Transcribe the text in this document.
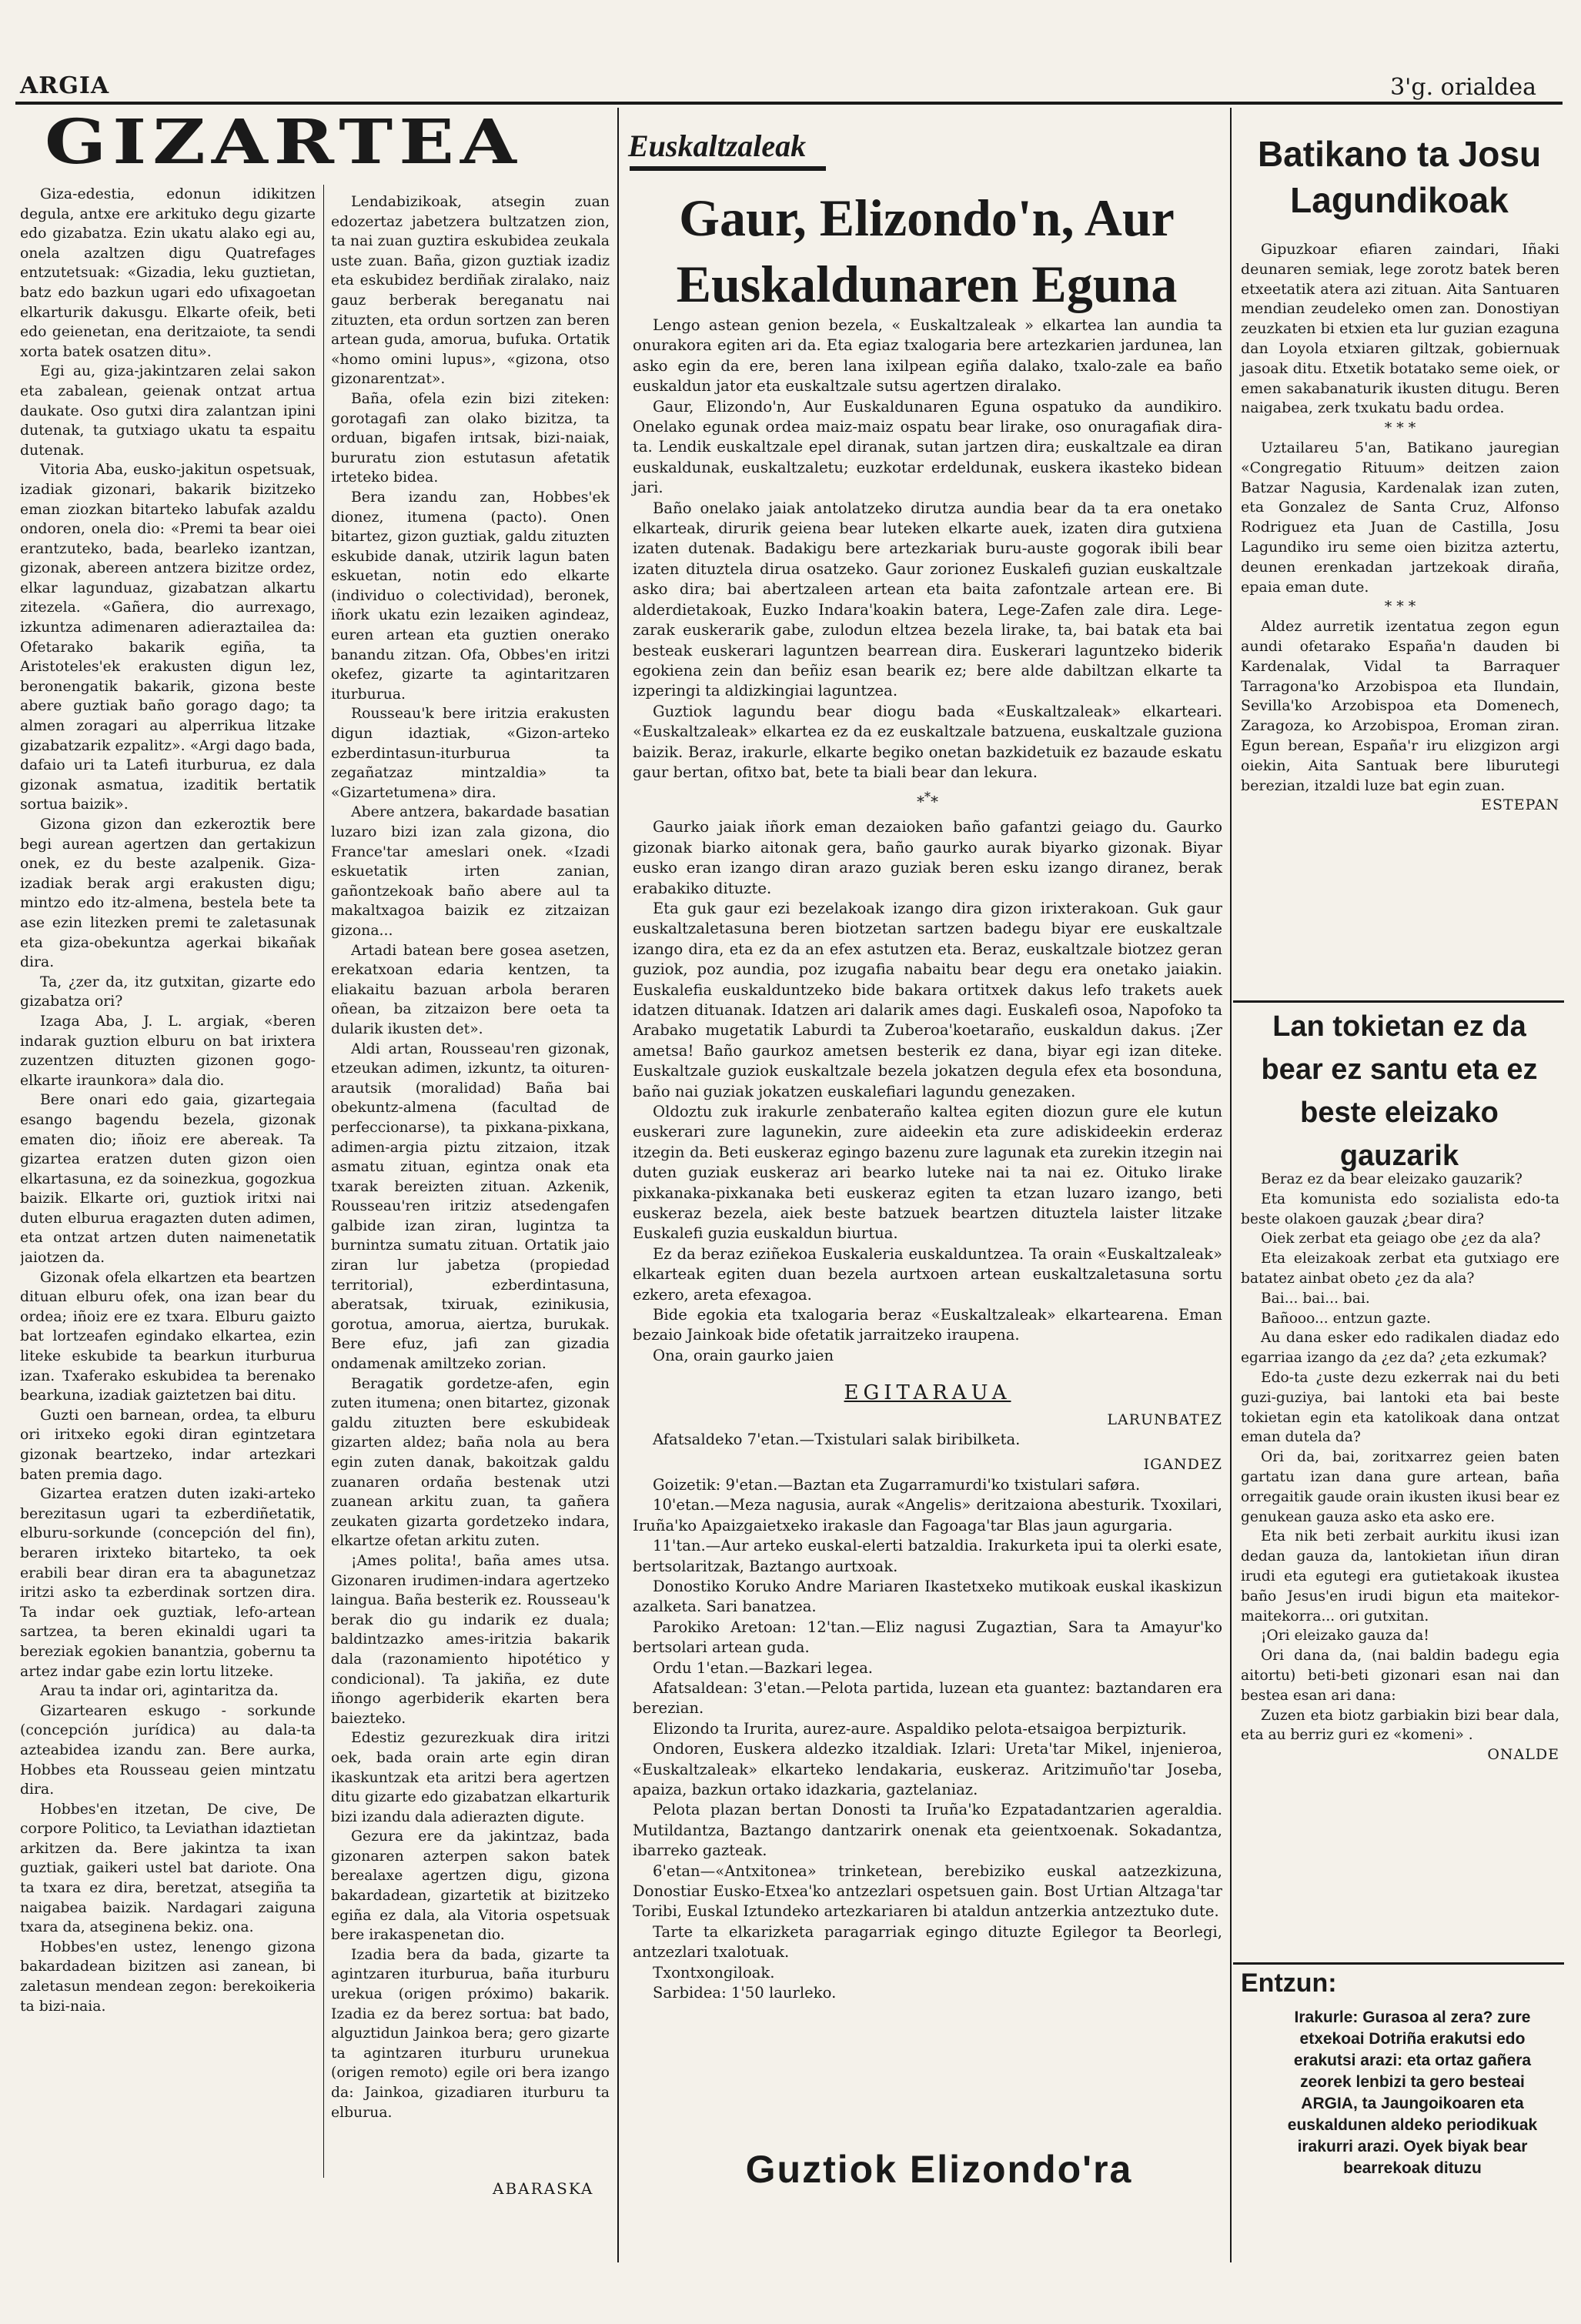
ARGIA	3'g. orialdea
GIZARTEA

Giza-edestia, edonun idikitzen degula, antxe ere arkituko degu gizarte edo gizabatza. Ezin ukatu alako egi au, onela azaltzen digu Quatrefages entzutetsuak: «Gizadia, leku guztietan, batz edo bazkun ugari edo ufixagoetan elkarturik dakusgu. Elkarte ofeik, beti edo geienetan, ena deritzaiote, ta sendi xorta batek osatzen ditu».

Egi au, giza-jakintzaren zelai sakon eta zabalean, geienak ontzat artua daukate. Oso gutxi dira zalantzan ipini dutenak, ta gutxiago ukatu ta espaitu dutenak.

Vitoria Aba, eusko-jakitun ospetsuak, izadiak gizonari, bakarik bizitzeko eman ziozkan bitarteko labufak azaldu ondoren, onela dio: «Premi ta bear oiei erantzuteko, bada, bearleko izantzan, gizonak, abereen antzera bizitze ordez, elkar lagunduaz, gizabatzan alkartu zitezela. «Gañera, dio aurrexago, izkuntza adimenaren adieraztailea da: Ofetarako bakarik egiña, ta Aristoteles'ek erakusten digun lez, beronengatik bakarik, gizona beste abere guztiak baño gorago dago; ta almen zoragari au alperrikua litzake gizabatzarik ezpalitz». «Argi dago bada, dafaio uri ta Latefi iturburua, ez dala gizonak asmatua, izaditik bertatik sortua baizik».

Gizona gizon dan ezkeroztik bere begi aurean agertzen dan gertakizun onek, ez du beste azalpenik. Giza-izadiak berak argi erakusten digu; mintzo edo itz-almena, bestela bete ta ase ezin litezken premi te zaletasunak eta giza-obekuntza agerkai bikañak dira.

Ta, ¿zer da, itz gutxitan, gizarte edo gizabatza ori?

Izaga Aba, J. L. argiak, «beren indarak guztion elburu on bat irixtera zuzentzen dituzten gizonen gogo-elkarte iraunkora» dala dio.

Bere onari edo gaia, gizartegaia esango bagendu bezela, gizonak ematen dio; iñoiz ere abereak. Ta gizartea eratzen duten gizon oien elkartasuna, ez da soinezkua, gogozkua baizik. Elkarte ori, guztiok iritxi nai duten elburua eragazten duten adimen, eta ontzat artzen duten naimenetatik jaiotzen da.

Gizonak ofela elkartzen eta beartzen dituan elburu ofek, ona izan bear du ordea; iñoiz ere ez txara. Elburu gaizto bat lortzeafen egindako elkartea, ezin liteke eskubide ta bearkun iturburua izan. Txaferako eskubidea ta berenako bearkuna, izadiak gaiztetzen bai ditu.

Guzti oen barnean, ordea, ta elburu ori iritxeko egoki diran egintzetara gizonak beartzeko, indar artezkari baten premia dago.

Gizartea eratzen duten izaki-arteko berezitasun ugari ta ezberdiñetatik, elburu-sorkunde (concepción del fin), beraren irixteko bitarteko, ta oek erabili bear diran era ta abagunetzaz iritzi asko ta ezberdinak sortzen dira. Ta indar oek guztiak, lefo-artean sartzea, ta beren ekinaldi ugari ta bereziak egokien banantzia, gobernu ta artez indar gabe ezin lortu litzeke.

Arau ta indar ori, agintaritza da.

Gizartearen eskugo - sorkunde (concepción jurídica) au dala-ta azteabidea izandu zan. Bere aurka, Hobbes eta Rousseau geien mintzatu dira.

Hobbes'en itzetan, De cive, De corpore Politico, ta Leviathan idaztietan arkitzen da. Bere jakintza ta ixan guztiak, gaikeri ustel bat dariote. Ona ta txara ez dira, beretzat, atsegiña ta naigabea baizik. Nardagari zaiguna txara da, atseginena bekiz. ona.

Hobbes'en ustez, lenengo gizona bakardadean bizitzen asi zanean, bi zaletasun mendean zegon: berekoikeria ta bizi-naia.

Lendabizikoak, atsegin zuan edozertaz jabetzera bultzatzen zion, ta nai zuan guztira eskubidea zeukala uste zuan. Baña, gizon guztiak izadiz eta eskubidez berdiñak ziralako, naiz gauz berberak bereganatu nai zituzten, eta ordun sortzen zan beren artean guda, amorua, bufuka. Ortatik «homo omini lupus», «gizona, otso gizonarentzat».

Baña, ofela ezin bizi ziteken: gorotagafi zan olako bizitza, ta orduan, bigafen irıtsak, bizi-naiak, bururatu zion estutasun afetatik irteteko bidea.

Bera izandu zan, Hobbes'ek dionez, itumena (pacto). Onen bitartez, gizon guztiak, galdu zituzten eskubide danak, utzirik lagun baten eskuetan, notin edo elkarte (individuo o colectividad), beronek, iñork ukatu ezin lezaiken agindeaz, euren artean eta guztien onerako banandu zitzan. Ofa, Obbes'en iritzi okefez, gizarte ta agintaritzaren iturburua.

Rousseau'k bere iritzia erakusten digun idaztiak, «Gizon-arteko ezberdintasun-iturburua ta zegañatzaz mintzaldia» ta «Gizartetumena» dira.

Abere antzera, bakardade basatian luzaro bizi izan zala gizona, dio France'tar ameslari onek. «Izadi eskuetatik irten zanian, gañontzekoak baño abere aul ta makaltxagoa baizik ez zitzaizan gizona...

Artadi batean bere gosea asetzen, erekatxoan edaria kentzen, ta eliakaitu bazuan arbola beraren oñean, ba zitzaizon bere oeta ta dularik ikusten det».

Aldi artan, Rousseau'ren gizonak, etzeukan adimen, izkuntz, ta oituren-arautsik (moralidad) Baña bai obekuntz-almena (facultad de perfeccionarse), ta pixkana-pixkana, adimen-argia piztu zitzaion, itzak asmatu zituan, egintza onak eta txarak bereizten zituan. Azkenik, Rousseau'ren iritziz atsedengafen galbide izan ziran, lugintza ta burnintza sumatu zituan. Ortatik jaio ziran lur jabetza (propiedad territorial), ezberdintasuna, aberatsak, txiruak, ezinikusia, gorotua, amorua, aiertza, burukak. Bere efuz, jafi zan gizadia ondamenak amiltzeko zorian.

Beragatik gordetze-afen, egin zuten itumena; onen bitartez, gizonak galdu zituzten bere eskubideak gizarten aldez; baña nola au bera egin zuten danak, bakoitzak galdu zuanaren ordaña bestenak utzi zuanean arkitu zuan, ta gañera zeukaten gizarta gordetzeko indara, elkartze ofetan arkitu zuten.

¡Ames polita!, baña ames utsa. Gizonaren irudimen-indara agertzeko laingua. Baña besterik ez. Rousseau'k berak dio gu indarik ez duala; baldintzazko ames-iritzia bakarik dala (razonamiento hipotético y condicional). Ta jakiña, ez dute iñongo agerbiderik ekarten bera baiezteko.

Edestiz gezurezkuak dira iritzi oek, bada orain arte egin diran ikaskuntzak eta aritzi bera agertzen ditu gizarte edo gizabatzan elkarturik bizi izandu dala adierazten digute.

Gezura ere da jakintzaz, bada gizonaren azterpen sakon batek berealaxe agertzen digu, gizona bakardadean, gizartetik at bizitzeko egiña ez dala, ala Vitoria ospetsuak bere irakaspenetan dio.

Izadia bera da bada, gizarte ta agintzaren iturburua, baña iturburu urekua (origen próximo) bakarik. Izadia ez da berez sortua: bat bado, alguztidun Jainkoa bera; gero gizarte ta agintzaren iturburu urunekua (origen remoto) egile ori bera izango da: Jainkoa, gizadiaren iturburu ta elburua.

ABARASKA
Euskaltzaleak
Gaur, Elizondo'n, Aur Euskaldunaren Eguna

Lengo astean genion bezela, « Euskaltzaleak » elkartea lan aundia ta onurakora egiten ari da. Eta egiaz txalogaria bere artezkarien jardunea, lan asko egin da ere, beren lana ixilpean egiña dalako, txalo-zale ea baño euskaldun jator eta euskaltzale sutsu agertzen diralako.

Gaur, Elizondo'n, Aur Euskaldunaren Eguna ospatuko da aundikiro. Onelako egunak ordea maiz-maiz ospatu bear lirake, oso onuragafiak dira-ta. Lendik euskaltzale epel diranak, sutan jartzen dira; euskaltzale ea diran euskaldunak, euskaltzaletu; euzkotar erdeldunak, euskera ikasteko bidean jari.

Baño onelako jaiak antolatzeko dirutza aundia bear da ta era onetako elkarteak, dirurik geiena bear luteken elkarte auek, izaten dira gutxiena izaten dutenak. Badakigu bere artezkariak buru-auste gogorak ibili bear izaten dituztela dirua osatzeko. Gaur zorionez Euskalefi guzian euskaltzale asko dira; bai abertzaleen artean eta baita zafontzale artean ere. Bi alderdietakoak, Euzko Indara'koakin batera, Lege-Zafen zale dira. Lege-zarak euskerarik gabe, zulodun eltzea bezela lirake, ta, bai batak eta bai besteak euskerari laguntzen bearrean dira. Euskerari laguntzeko biderik egokiena zein dan beñiz esan bearik ez; bere alde dabiltzan elkarte ta izperingi ta aldizkingiai laguntzea.

Guztiok lagundu bear diogu bada «Euskaltzaleak» elkarteari. «Euskaltzaleak» elkartea ez da ez euskaltzale batzuena, euskaltzale guziona baizik. Beraz, irakurle, elkarte begiko onetan bazkidetuik ez bazaude eskatu gaur bertan, ofitxo bat, bete ta biali bear dan lekura.

***

Gaurko jaiak iñork eman dezaioken baño gafantzi geiago du. Gaurko gizonak biarko aitonak gera, baño gaurko aurak biyarko gizonak. Biyar eusko eran izango diran arazo guziak beren esku izango diranez, berak erabakiko dituzte.

Eta guk gaur ezi bezelakoak izango dira gizon irixterakoan. Guk gaur euskaltzaletasuna beren biotzetan sartzen badegu biyar ere euskaltzale izango dira, eta ez da an efex astutzen eta. Beraz, euskaltzale biotzez geran guziok, poz aundia, poz izugafia nabaitu bear degu era onetako jaiakin. Euskalefia euskalduntzeko bide bakara ortitxek dakus lefo trakets auek idatzen dituanak. Idatzen ari dalarik ames dagi. Euskalefi osoa, Napofoko ta Arabako mugetatik Laburdi ta Zuberoa'koetaraño, euskaldun dakus. ¡Zer ametsa! Baño gaurkoz ametsen besterik ez dana, biyar egi izan diteke. Euskaltzale guziok euskaltzale bezela jokatzen degula efex eta bosonduna, baño nai guziak jokatzen euskalefiari lagundu genezaken.

Oldoztu zuk irakurle zenbateraño kaltea egiten diozun gure ele kutun euskerari zure lagunekin, zure aideekin eta zure adiskideekin erderaz itzegin da. Beti euskeraz egingo bazenu zure lagunak eta zurekin itzegin nai duten guziak euskeraz ari bearko luteke nai ta nai ez. Oituko lirake pixkanaka-pixkanaka beti euskeraz egiten ta etzan luzaro izango, beti euskeraz bezela, aiek beste batzuek beartzen dituztela laister litzake Euskalefi guzia euskaldun biurtua.

Ez da beraz eziñekoa Euskaleria euskalduntzea. Ta orain «Euskaltzaleak» elkarteak egiten duan bezela aurtxoen artean euskaltzaletasuna sortu ezkero, areta efexagoa.

Bide egokia eta txalogaria beraz «Euskaltzaleak» elkartearena. Eman bezaio Jainkoak bide ofetatik jarraitzeko iraupena.

Ona, orain gaurko jaien

EGITARAUA

LARUNBATEZ

Afatsaldeko 7'etan.—Txistulari salak biribilketa.

IGANDEZ

Goizetik: 9'etan.—Baztan eta Zugarramurdi'ko txistulari saføra.

10'etan.—Meza nagusia, aurak «Angelis» deritzaiona abesturik. Txoxilari, Iruña'ko Apaizgaietxeko irakasle dan Fagoaga'tar Blas jaun agurgaria.

11'tan.—Aur arteko euskal-elerti batzaldia. Irakurketa ipui ta olerki esate, bertsolaritzak, Baztango aurtxoak.

Donostiko Koruko Andre Mariaren Ikastetxeko mutikoak euskal ikaskizun azalketa. Sari banatzea.

Parokiko Aretoan: 12'tan.—Eliz nagusi Zugaztian, Sara ta Amayur'ko bertsolari artean guda.

Ordu 1'etan.—Bazkari legea.

Afatsaldean: 3'etan.—Pelota partida, luzean eta guantez: baztandaren era berezian.

Elizondo ta Irurita, aurez-aure. Aspaldiko pelota-etsaigoa berpizturik.

Ondoren, Euskera aldezko itzaldiak. Izlari: Ureta'tar Mikel, injenieroa, «Euskaltzaleak» elkarteko lendakaria, euskeraz. Aritzimuño'tar Joseba, apaiza, bazkun ortako idazkaria, gaztelaniaz.

Pelota plazan bertan Donosti ta Iruña'ko Ezpatadantzarien ageraldia. Mutildantza, Baztango dantzarirk onenak eta geientxoenak. Sokadantza, ibarreko gazteak.

6'etan—«Antxitonea» trinketean, berebiziko euskal aatzezkizuna, Donostiar Eusko-Etxea'ko antzezlari ospetsuen gain. Bost Urtian Altzaga'tar Toribi, Euskal Iztundeko artezkariaren bi ataldun antzerkia antzeztuko dute.

Tarte ta elkarizketa paragarriak egingo dituzte Egilegor ta Beorlegi, antzezlari txalotuak.

Txontxongiloak.

Sarbidea: 1'50 laurleko.

Guztiok Elizondo'ra
Batikano ta Josu Lagundikoak

Gipuzkoar efiaren zaindari, Iñaki deunaren semiak, lege zorotz batek beren etxeetatik atera azi zituan. Aita Santuaren mendian zeudeleko omen zan. Donostiyan zeuzkaten bi etxien eta lur guzian ezaguna dan Loyola etxiaren giltzak, gobiernuak jasoak ditu. Etxetik botatako seme oiek, or emen sakabanaturik ikusten ditugu. Beren naigabea, zerk txukatu badu ordea.

* * *

Uztailareu 5'an, Batikano jauregian «Congregatio Rituum» deitzen zaion Batzar Nagusia, Kardenalak izan zuten, eta Gonzalez de Santa Cruz, Alfonso Rodriguez eta Juan de Castilla, Josu Lagundiko iru seme oien bizitza aztertu, deunen erenkadan jartzekoak diraña, epaia eman dute.

* * *

Aldez aurretik izentatua zegon egun aundi ofetarako España'n dauden bi Kardenalak, Vidal ta Barraquer Tarragona'ko Arzobispoa eta Ilundain, Sevilla'ko Arzobispoa eta Domenech, Zaragoza, ko Arzobispoa, Eroman ziran. Egun berean, España'r iru elizgizon argi oiekin, Aita Santuak bere liburutegi berezian, itzaldi luze bat egin zuan.

ESTEPAN

Lan tokietan ez da bear ez santu eta ez beste eleizako gauzarik

Beraz ez da bear eleizako gauzarik?

Eta komunista edo sozialista edo-ta beste olakoen gauzak ¿bear dira?

Oiek zerbat eta geiago obe ¿ez da ala?

Eta eleizakoak zerbat eta gutxiago ere batatez ainbat obeto ¿ez da ala?

Bai... bai... bai.

Bañooo... entzun gazte.

Au dana esker edo radikalen diadaz edo egarriaa izango da ¿ez da? ¿eta ezkumak?

Edo-ta ¿uste dezu ezkerrak nai du beti guzi-guziya, bai lantoki eta bai beste tokietan egin eta katolikoak dana ontzat eman dutela da?

Ori da, bai, zoritxarrez geien baten gartatu izan dana gure artean, baña orregaitik gaude orain ikusten ikusi bear ez genukean gauza asko eta asko ere.

Eta nik beti zerbait aurkitu ikusi izan dedan gauza da, lantokietan iñun diran irudi eta egutegi era gutietakoak ikustea baño Jesus'en irudi bigun eta maitekor-maitekorra... ori gutxitan.

¡Ori eleizako gauza da!

Ori dana da, (nai baldin badegu egia aitortu) beti-beti gizonari esan nai dan bestea esan ari dana:

Zuzen eta biotz garbiakin bizi bear dala, eta au berriz guri ez «komeni» .

ONALDE

Entzun:
Irakurle: Gurasoa al zera? zure etxekoai Dotriña erakutsi edo erakutsi arazi: eta ortaz gañera zeorek lenbizi ta gero besteai ARGIA, ta Jaungoikoaren eta euskaldunen aldeko periodikuak irakurri arazi. Oyek biyak bear bearrekoak dituzu
